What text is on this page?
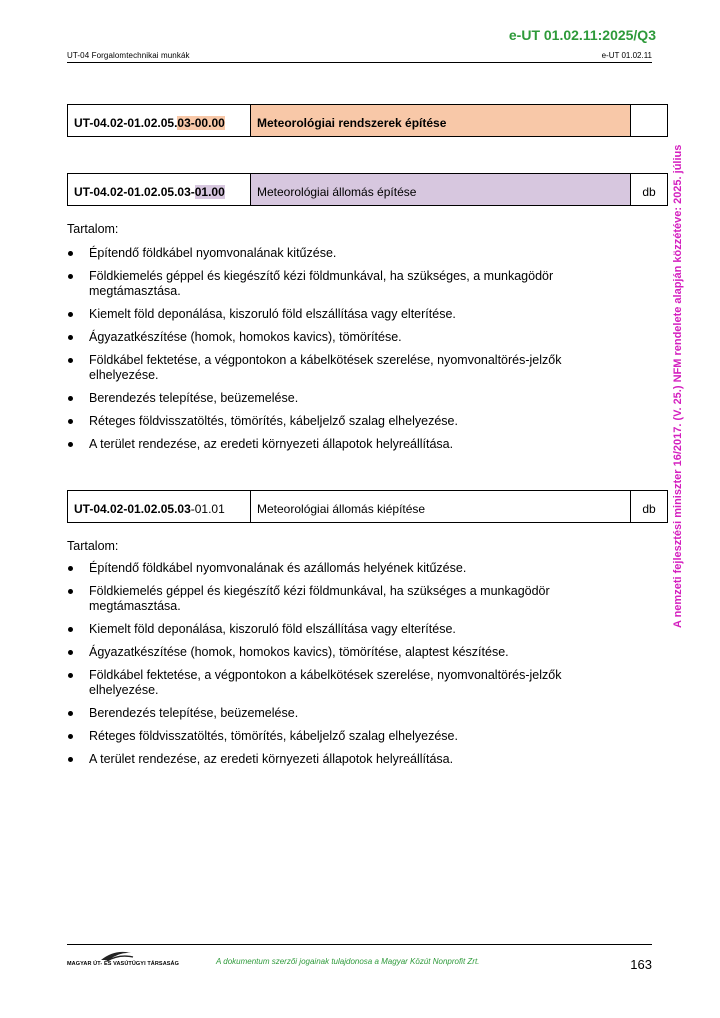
e-UT 01.02.11:2025/Q3
UT-04 Forgalomtechnikai munkák	e-UT 01.02.11
A nemzeti fejlesztési miniszter 16/2017. (V. 25.) NFM rendelete alapján közzétéve: 2025. július
UT-04.02-01.02.05.03-00.00	Meteorológiai rendszerek építése	
UT-04.02-01.02.05.03-01.00	Meteorológiai állomás építése	db
Tartalom:
Építendő földkábel nyomvonalának kitűzése.
Földkiemelés géppel és kiegészítő kézi földmunkával, ha szükséges, a munkagödör megtámasztása.
Kiemelt föld deponálása, kiszoruló föld elszállítása vagy elterítése.
Ágyazatkészítése (homok, homokos kavics), tömörítése.
Földkábel fektetése, a végpontokon a kábelkötések szerelése, nyomvonaltörés-jelzők elhelyezése.
Berendezés telepítése, beüzemelése.
Réteges földvisszatöltés, tömörítés, kábeljelző szalag elhelyezése.
A terület rendezése, az eredeti környezeti állapotok helyreállítása.
UT-04.02-01.02.05.03-01.01	Meteorológiai állomás kiépítése	db
Tartalom:
Építendő földkábel nyomvonalának és azállomás helyének kitűzése.
Földkiemelés géppel és kiegészítő kézi földmunkával, ha szükséges a munkagödör megtámasztása.
Kiemelt föld deponálása, kiszoruló föld elszállítása vagy elterítése.
Ágyazatkészítése (homok, homokos kavics), tömörítése, alaptest készítése.
Földkábel fektetése, a végpontokon a kábelkötések szerelése, nyomvonaltörés-jelzők elhelyezése.
Berendezés telepítése, beüzemelése.
Réteges földvisszatöltés, tömörítés, kábeljelző szalag elhelyezése.
A terület rendezése, az eredeti környezeti állapotok helyreállítása.
MAGYAR ÚT- ÉS VASÚTÜGYI TÁRSASÁG	A dokumentum szerzői jogainak tulajdonosa a Magyar Közút Nonprofit Zrt.	163
